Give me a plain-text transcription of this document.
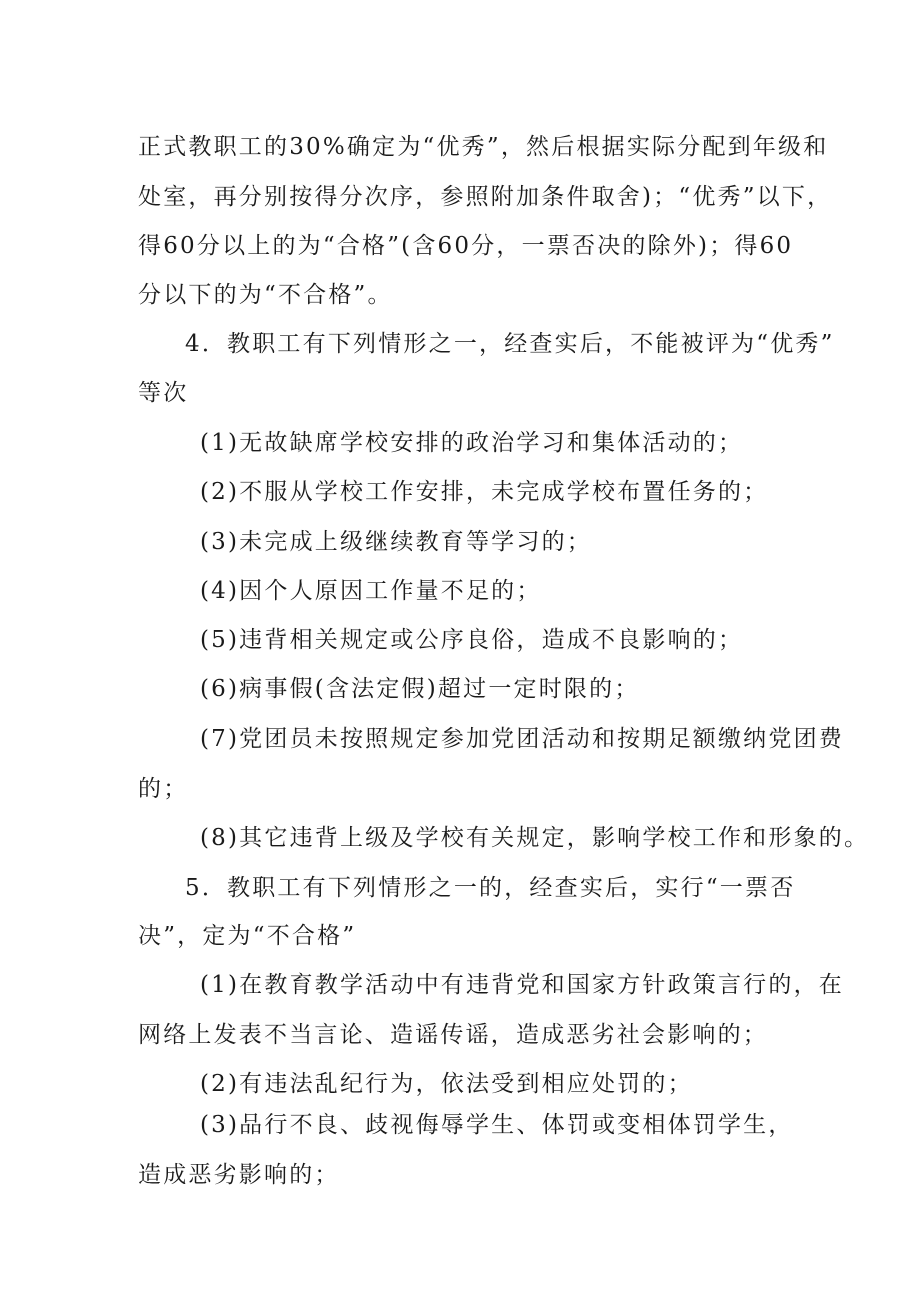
正式教职工的30%确定为“优秀”，然后根据实际分配到年级和
处室，再分别按得分次序，参照附加条件取舍)；“优秀”以下，
得60分以上的为“合格”(含60分，一票否决的除外)；得60
分以下的为“不合格”。
4．教职工有下列情形之一，经查实后，不能被评为“优秀”
等次
(1)无故缺席学校安排的政治学习和集体活动的；
(2)不服从学校工作安排，未完成学校布置任务的；
(3)未完成上级继续教育等学习的；
(4)因个人原因工作量不足的；
(5)违背相关规定或公序良俗，造成不良影响的；
(6)病事假(含法定假)超过一定时限的；
(7)党团员未按照规定参加党团活动和按期足额缴纳党团费
的；
(8)其它违背上级及学校有关规定，影响学校工作和形象的。
5．教职工有下列情形之一的，经查实后，实行“一票否
决”，定为“不合格”
(1)在教育教学活动中有违背党和国家方针政策言行的，在
网络上发表不当言论、造谣传谣，造成恶劣社会影响的；
(2)有违法乱纪行为，依法受到相应处罚的；
(3)品行不良、歧视侮辱学生、体罚或变相体罚学生，
造成恶劣影响的；
